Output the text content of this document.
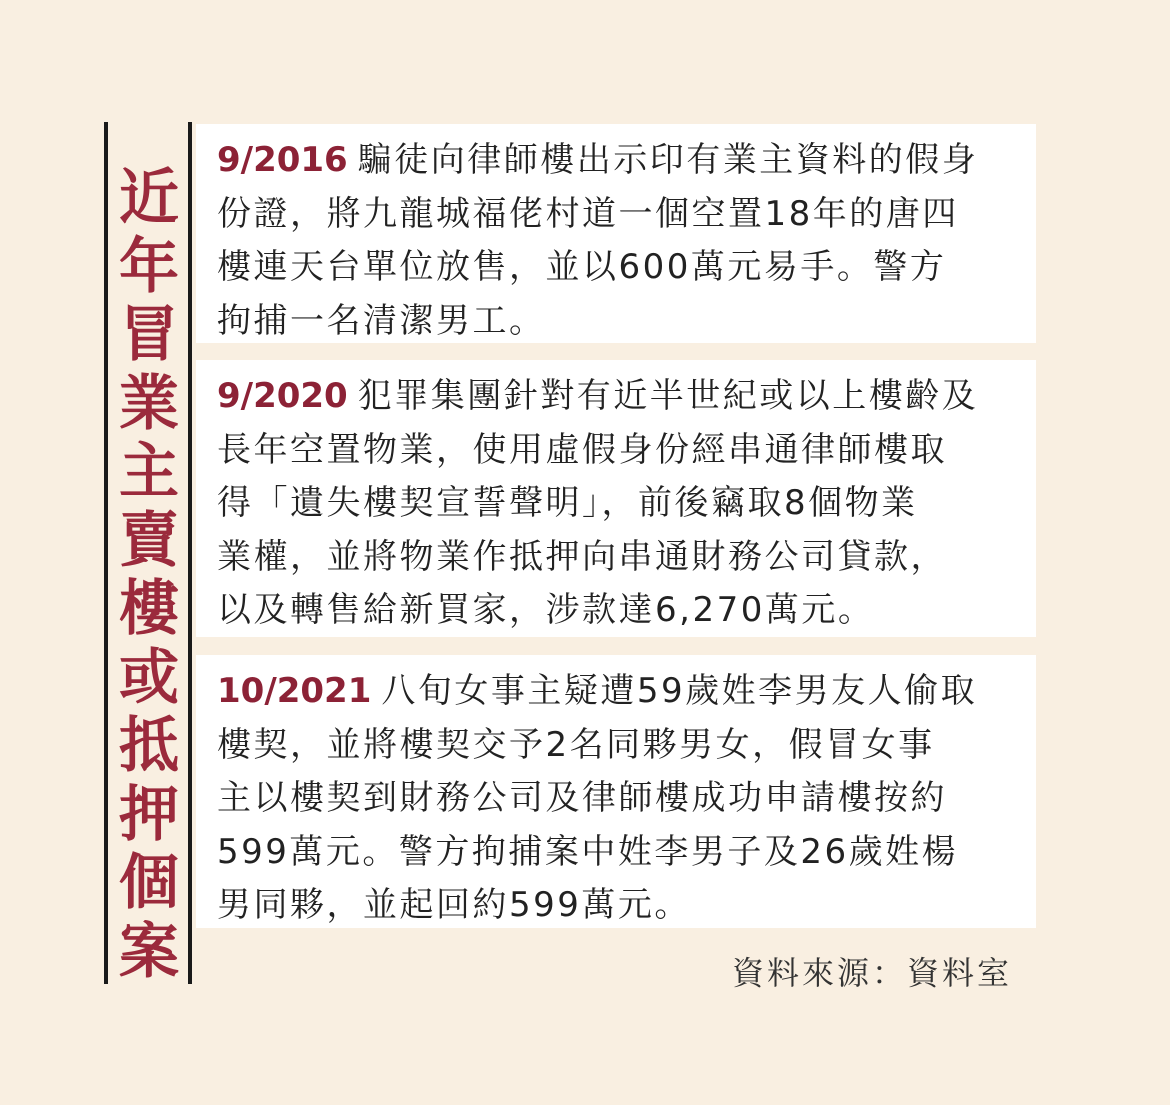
近
年
冒
業
主
賣
樓
或
抵
押
個
案

9/2016 騙徒向律師樓出示印有業主資料的假身

份證，將九龍城福佬村道一個空置18年的唐四

樓連天台單位放售，並以600萬元易手。警方

拘捕一名清潔男工。

9/2020 犯罪集團針對有近半世紀或以上樓齡及

長年空置物業，使用虛假身份經串通律師樓取

得「遺失樓契宣誓聲明」，前後竊取8個物業

業權，並將物業作抵押向串通財務公司貸款，

以及轉售給新買家，涉款達6,270萬元。

10/2021 八旬女事主疑遭59歲姓李男友人偷取

樓契，並將樓契交予2名同夥男女，假冒女事

主以樓契到財務公司及律師樓成功申請樓按約

599萬元。警方拘捕案中姓李男子及26歲姓楊

男同夥，並起回約599萬元。

資料來源：資料室
